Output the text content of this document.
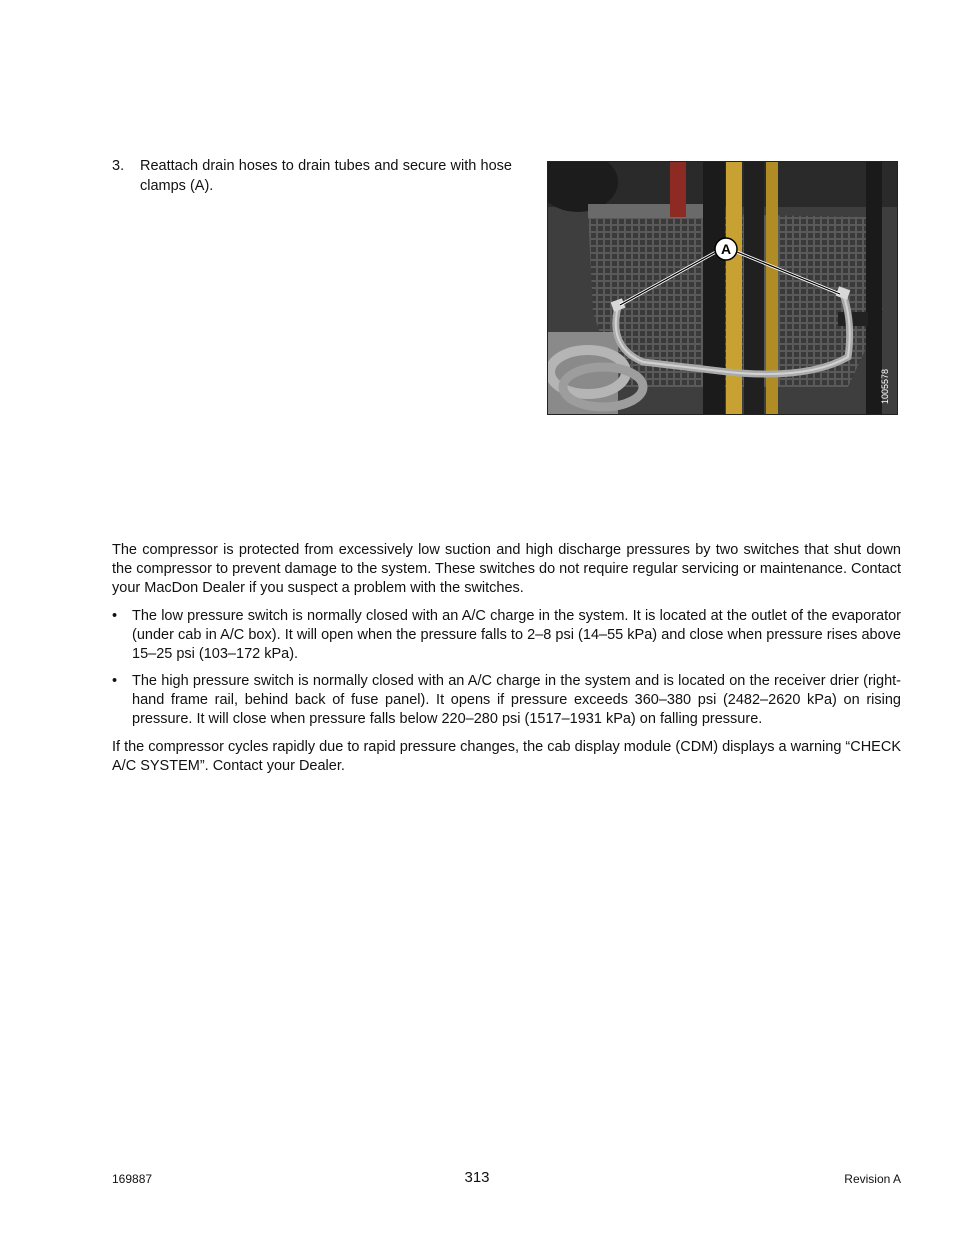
3.	Reattach drain hoses to drain tubes and secure with hose clamps (A).
A
1005578

The compressor is protected from excessively low suction and high discharge pressures by two switches that shut down the compressor to prevent damage to the system. These switches do not require regular servicing or maintenance. Contact your MacDon Dealer if you suspect a problem with the switches.

• The low pressure switch is normally closed with an A/C charge in the system. It is located at the outlet of the evaporator (under cab in A/C box). It will open when the pressure falls to 2–8 psi (14–55 kPa) and close when pressure rises above 15–25 psi (103–172 kPa).
• The high pressure switch is normally closed with an A/C charge in the system and is located on the receiver drier (right-hand frame rail, behind back of fuse panel). It opens if pressure exceeds 360–380 psi (2482–2620 kPa) on rising pressure. It will close when pressure falls below 220–280 psi (1517–1931 kPa) on falling pressure.

If the compressor cycles rapidly due to rapid pressure changes, the cab display module (CDM) displays a warning “CHECK A/C SYSTEM”. Contact your Dealer.

169887	313	Revision A
